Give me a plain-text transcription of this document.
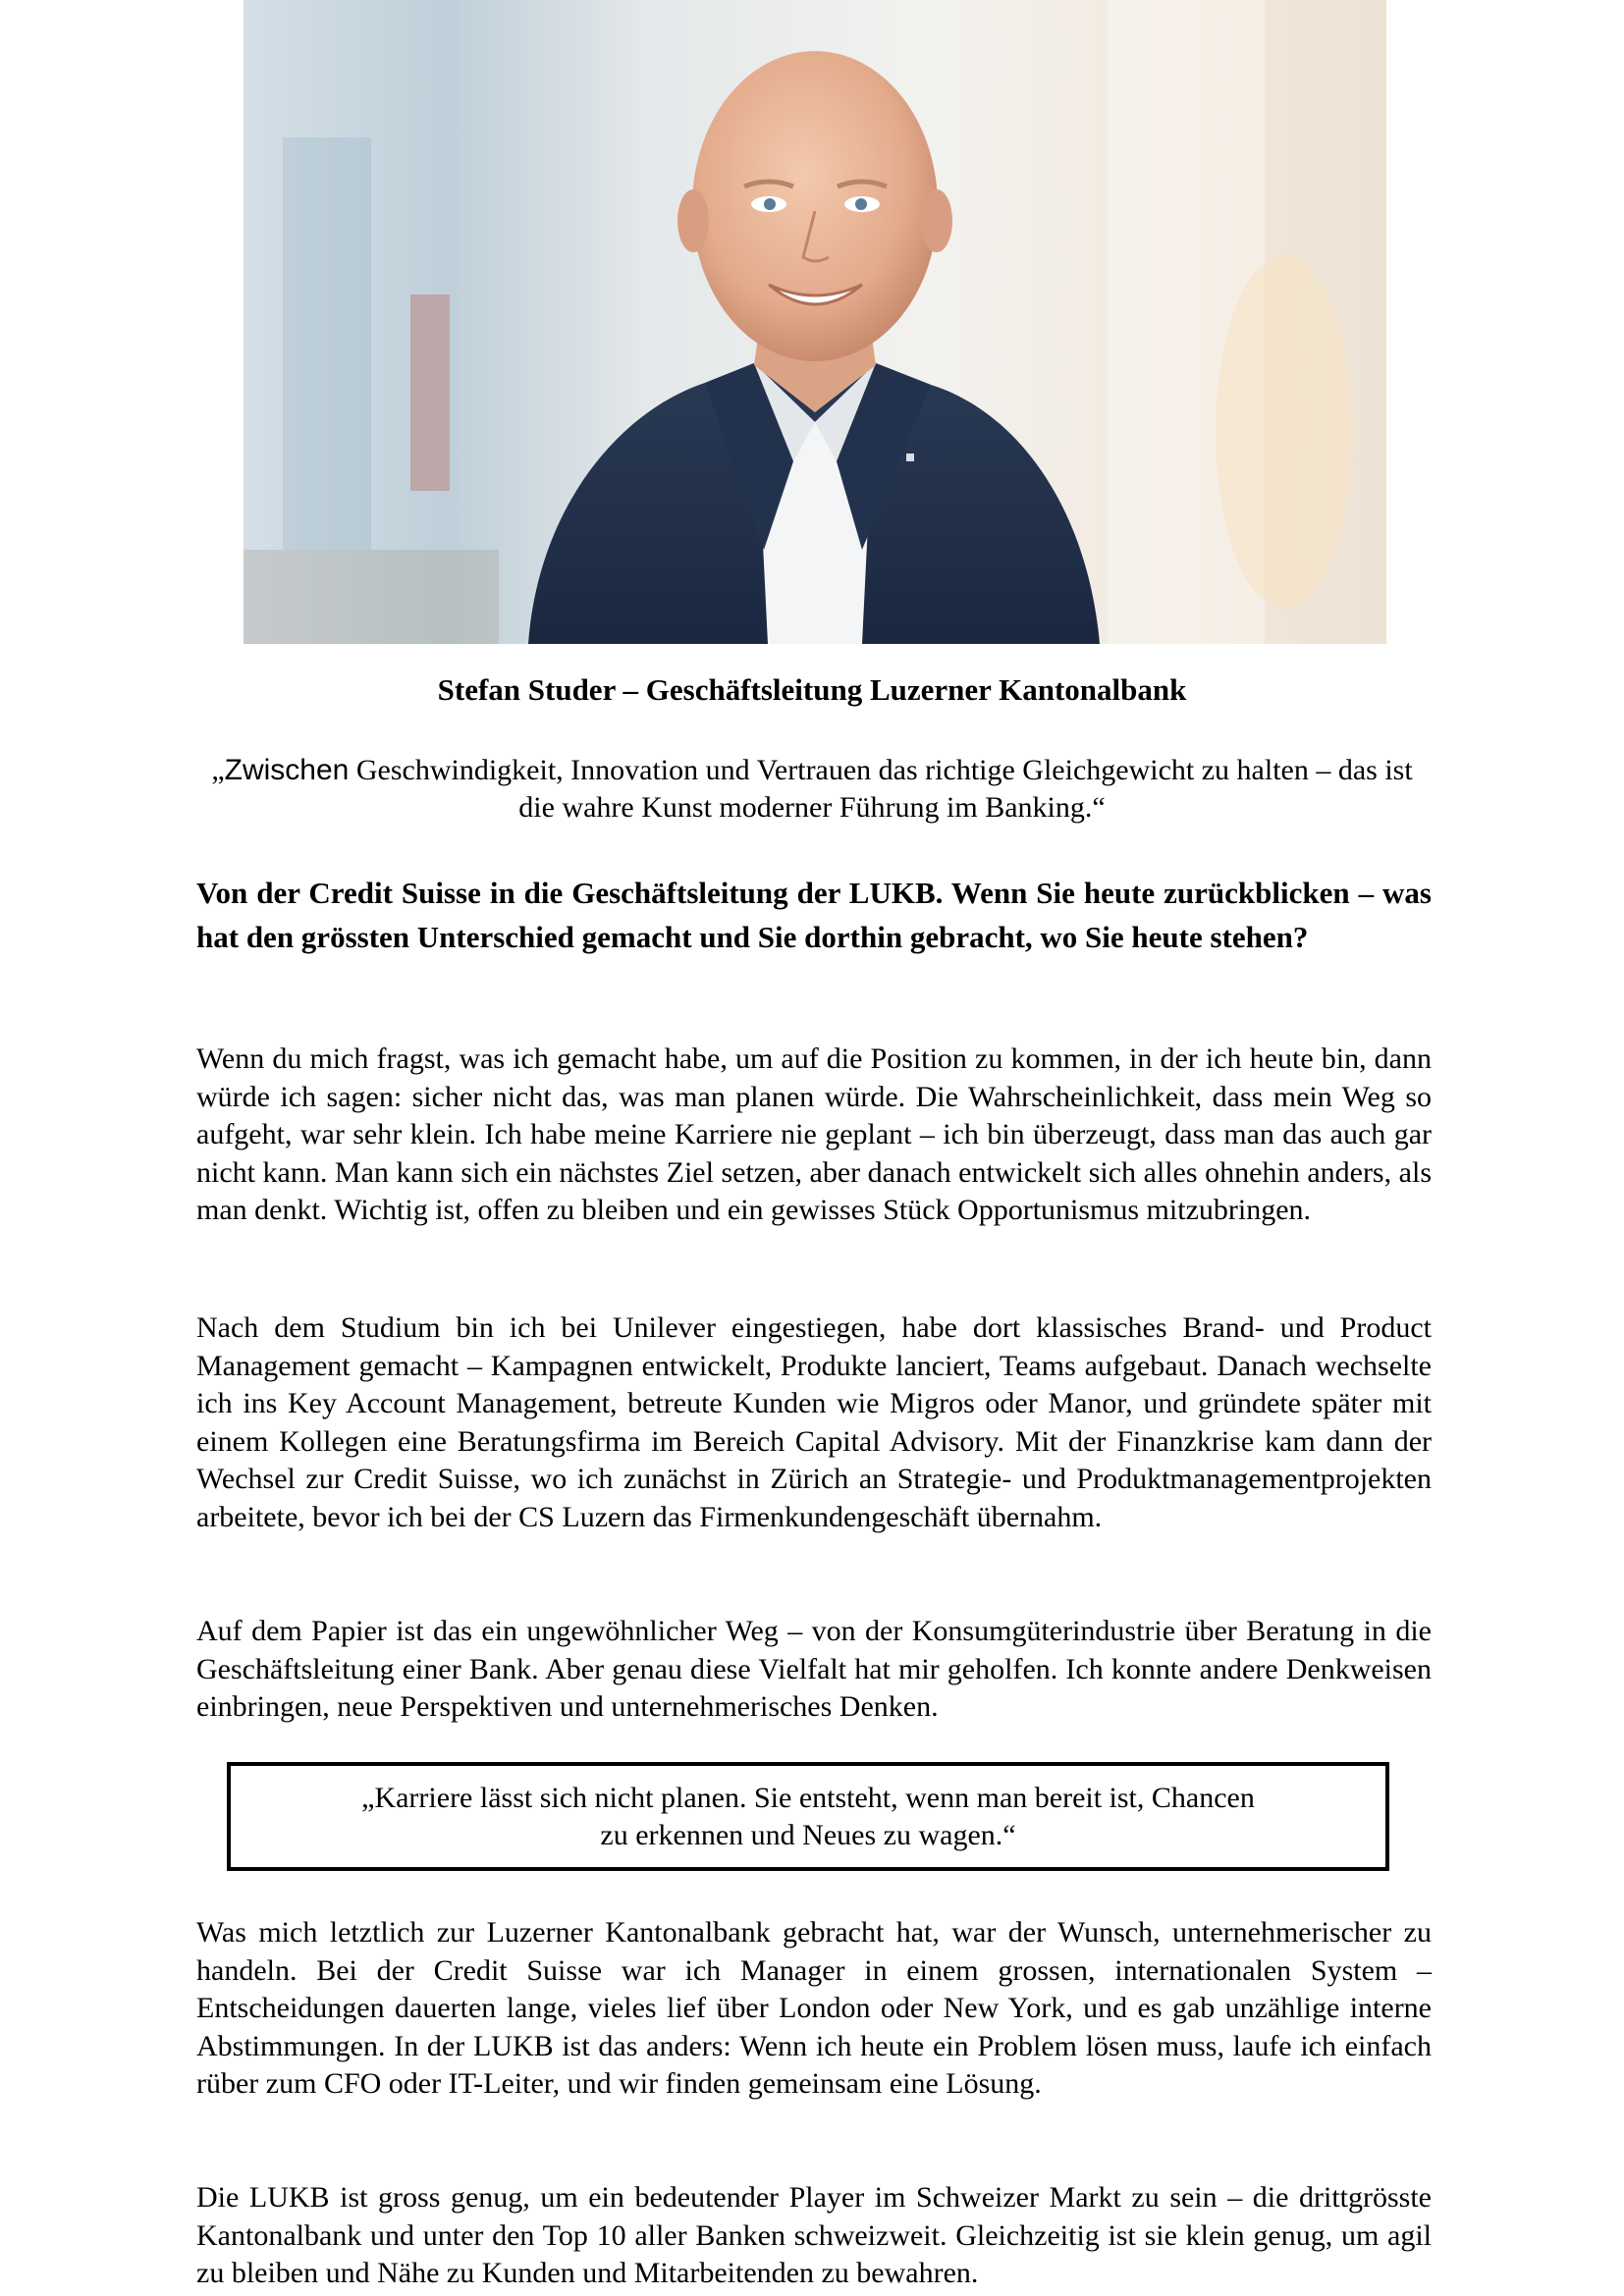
Stefan Studer – Geschäftsleitung Luzerner Kantonalbank
„Zwischen Geschwindigkeit, Innovation und Vertrauen das richtige Gleichgewicht zu halten – das ist die wahre Kunst moderner Führung im Banking.“
Von der Credit Suisse in die Geschäftsleitung der LUKB. Wenn Sie heute zurückblicken – was hat den grössten Unterschied gemacht und Sie dorthin gebracht, wo Sie heute stehen?

Wenn du mich fragst, was ich gemacht habe, um auf die Position zu kommen, in der ich heute bin, dann würde ich sagen: sicher nicht das, was man planen würde. Die Wahrscheinlichkeit, dass mein Weg so aufgeht, war sehr klein. Ich habe meine Karriere nie geplant – ich bin überzeugt, dass man das auch gar nicht kann. Man kann sich ein nächstes Ziel setzen, aber danach entwickelt sich alles ohnehin anders, als man denkt. Wichtig ist, offen zu bleiben und ein gewisses Stück Opportunismus mitzubringen.

Nach dem Studium bin ich bei Unilever eingestiegen, habe dort klassisches Brand- und Product Management gemacht – Kampagnen entwickelt, Produkte lanciert, Teams aufgebaut. Danach wechselte ich ins Key Account Management, betreute Kunden wie Migros oder Manor, und gründete später mit einem Kollegen eine Beratungsfirma im Bereich Capital Advisory. Mit der Finanzkrise kam dann der Wechsel zur Credit Suisse, wo ich zunächst in Zürich an Strategie- und Produktmanagementprojekten arbeitete, bevor ich bei der CS Luzern das Firmenkundengeschäft übernahm.

Auf dem Papier ist das ein ungewöhnlicher Weg – von der Konsumgüterindustrie über Beratung in die Geschäftsleitung einer Bank. Aber genau diese Vielfalt hat mir geholfen. Ich konnte andere Denkweisen einbringen, neue Perspektiven und unternehmerisches Denken.

„Karriere lässt sich nicht planen. Sie entsteht, wenn man bereit ist, Chancen zu erkennen und Neues zu wagen.“

Was mich letztlich zur Luzerner Kantonalbank gebracht hat, war der Wunsch, unternehmerischer zu handeln. Bei der Credit Suisse war ich Manager in einem grossen, internationalen System – Entscheidungen dauerten lange, vieles lief über London oder New York, und es gab unzählige interne Abstimmungen. In der LUKB ist das anders: Wenn ich heute ein Problem lösen muss, laufe ich einfach rüber zum CFO oder IT-Leiter, und wir finden gemeinsam eine Lösung.

Die LUKB ist gross genug, um ein bedeutender Player im Schweizer Markt zu sein – die drittgrösste Kantonalbank und unter den Top 10 aller Banken schweizweit. Gleichzeitig ist sie klein genug, um agil zu bleiben und Nähe zu Kunden und Mitarbeitenden zu bewahren.
